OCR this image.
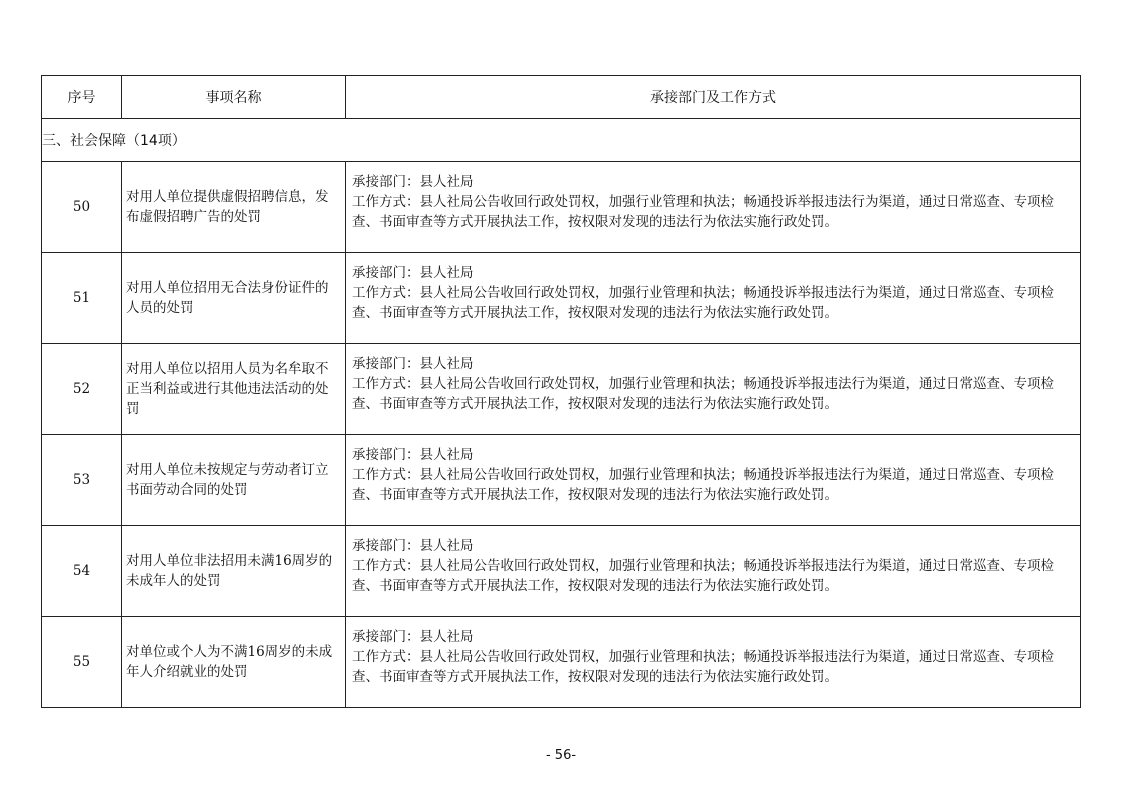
序号	事项名称	承接部门及工作方式
三、社会保障（14项）		
50	对用人单位提供虚假招聘信息，发布虚假招聘广告的处罚	承接部门：县人社局
工作方式：县人社局公告收回行政处罚权，加强行业管理和执法；畅通投诉举报违法行为渠道，通过日常巡查、专项检查、书面审查等方式开展执法工作，按权限对发现的违法行为依法实施行政处罚。

51	对用人单位招用无合法身份证件的人员的处罚	承接部门：县人社局
工作方式：县人社局公告收回行政处罚权，加强行业管理和执法；畅通投诉举报违法行为渠道，通过日常巡查、专项检查、书面审查等方式开展执法工作，按权限对发现的违法行为依法实施行政处罚。

52	对用人单位以招用人员为名牟取不正当利益或进行其他违法活动的处罚	承接部门：县人社局
工作方式：县人社局公告收回行政处罚权，加强行业管理和执法；畅通投诉举报违法行为渠道，通过日常巡查、专项检查、书面审查等方式开展执法工作，按权限对发现的违法行为依法实施行政处罚。

53	对用人单位未按规定与劳动者订立书面劳动合同的处罚	承接部门：县人社局
工作方式：县人社局公告收回行政处罚权，加强行业管理和执法；畅通投诉举报违法行为渠道，通过日常巡查、专项检查、书面审查等方式开展执法工作，按权限对发现的违法行为依法实施行政处罚。

54	对用人单位非法招用未满16周岁的未成年人的处罚	承接部门：县人社局
工作方式：县人社局公告收回行政处罚权，加强行业管理和执法；畅通投诉举报违法行为渠道，通过日常巡查、专项检查、书面审查等方式开展执法工作，按权限对发现的违法行为依法实施行政处罚。

55	对单位或个人为不满16周岁的未成年人介绍就业的处罚	承接部门：县人社局
工作方式：县人社局公告收回行政处罚权，加强行业管理和执法；畅通投诉举报违法行为渠道，通过日常巡查、专项检查、书面审查等方式开展执法工作，按权限对发现的违法行为依法实施行政处罚。
- 56-
